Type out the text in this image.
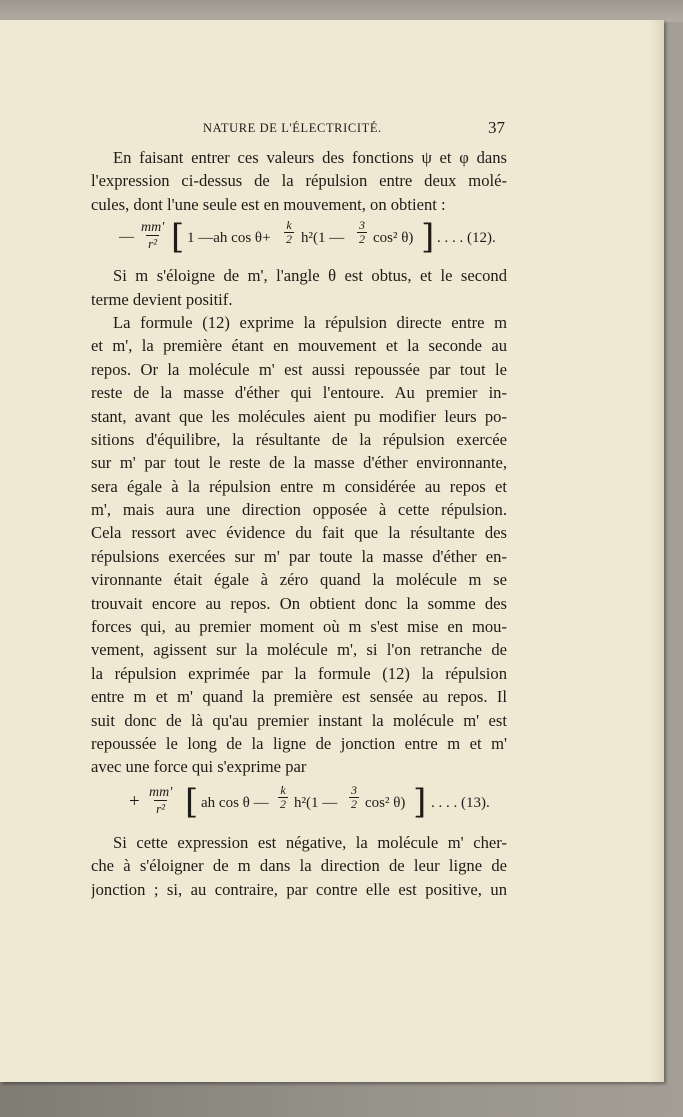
NATURE DE L'ÉLECTRICITÉ.	37
En faisant entrer ces valeurs des fonctions ψ et φ dans
l'expression ci-dessus de la répulsion entre deux molé-
cules, dont l'une seule est en mouvement, on obtient :
— $\frac{mm'}{\text{r²}}$ [ 1 —ah $\cos \theta+ \frac{k}{2} h^2(1$ — $\frac{3}{2} \cos^2$ θ) ] . . . . (12).
Si m s'éloigne de m', l'angle θ est obtus, et le second
terme devient positif.
La formule (12) exprime la répulsion directe entre m
et m', la première étant en mouvement et la seconde au
repos. Or la molécule m' est aussi repoussée par tout le
reste de la masse d'éther qui l'entoure. Au premier in-
stant, avant que les molécules aient pu modifier leurs po-
sitions d'équilibre, la résultante de la répulsion exercée
sur m' par tout le reste de la masse d'éther environnante,
sera égale à la répulsion entre m considérée au repos et
m', mais aura une direction opposée à cette répulsion.
Cela ressort avec évidence du fait que la résultante des
répulsions exercées sur m' par toute la masse d'éther en-
vironnante était égale à zéro quand la molécule m se
trouvait encore au repos. On obtient donc la somme des
forces qui, au premier moment où m s'est mise en mou-
vement, agissent sur la molécule m', si l'on retranche de
la répulsion exprimée par la formule (12) la répulsion
entre m et m' quand la première est sensée au repos. Il
suit donc de là qu'au premier instant la molécule m' est
repoussée le long de la ligne de jonction entre m et m'
avec une force qui s'exprime par
+ $\frac{mm'}{\text{r²}}$ [ ah cos θ — $\frac{k}{2} h^2(1$ — $\frac{3}{2} \cos^2$ θ) ] . . . . (13).
Si cette expression est négative, la molécule m' cher-
che à s'éloigner de m dans la direction de leur ligne de
jonction ; si, au contraire, par contre elle est positive, un
